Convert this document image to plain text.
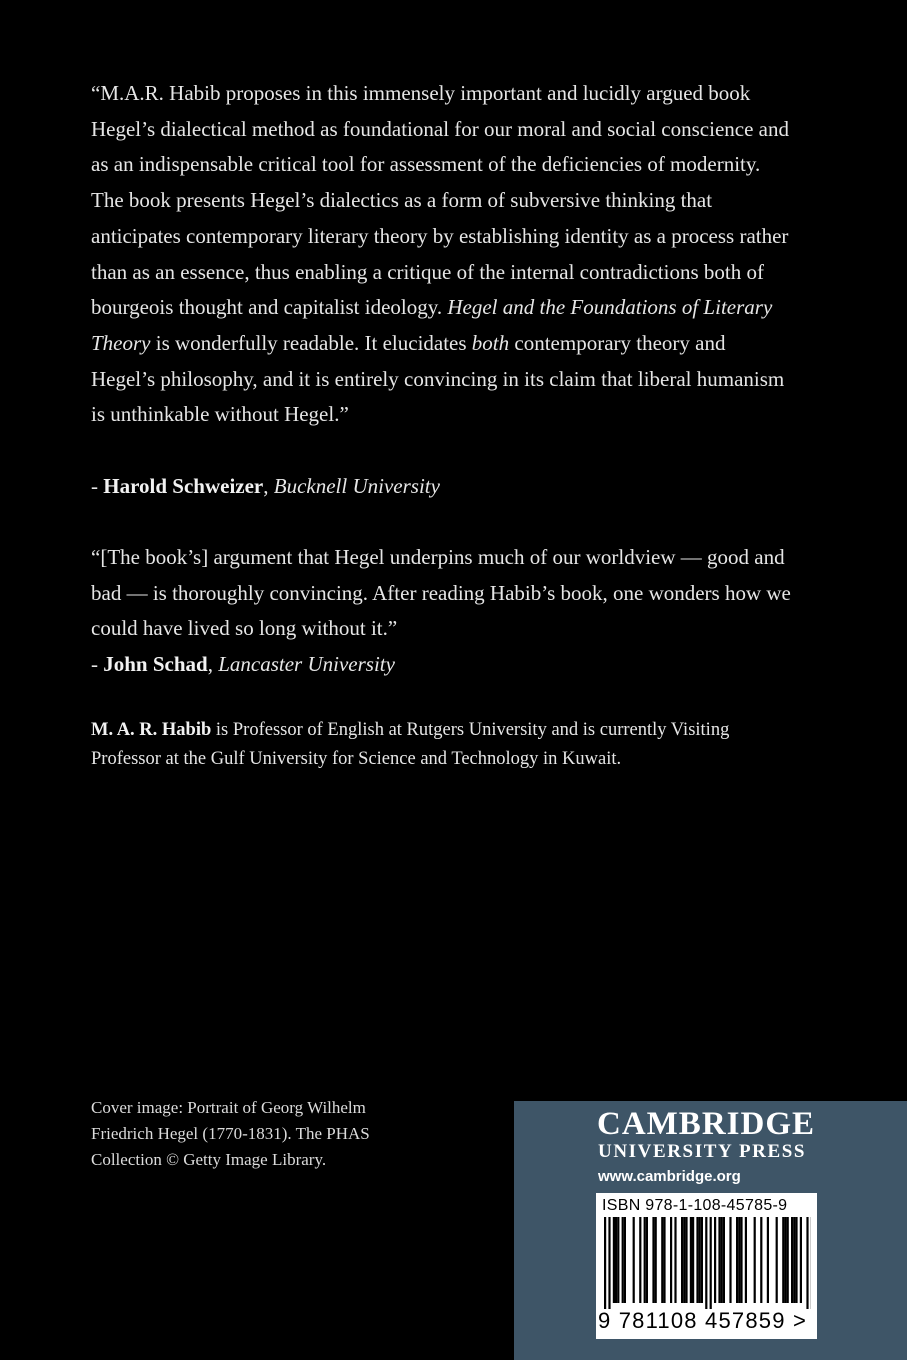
“M.A.R. Habib proposes in this immensely important and lucidly argued book Hegel’s dialectical method as foundational for our moral and social conscience and as an indispensable critical tool for assessment of the deficiencies of modernity. The book presents Hegel’s dialectics as a form of subversive thinking that anticipates contemporary literary theory by establishing identity as a process rather than as an essence, thus enabling a critique of the internal contradictions both of bourgeois thought and capitalist ideology. Hegel and the Foundations of Literary Theory is wonderfully readable. It elucidates both contemporary theory and Hegel’s philosophy, and it is entirely convincing in its claim that liberal humanism is unthinkable without Hegel.”

- Harold Schweizer, Bucknell University

“[The book’s] argument that Hegel underpins much of our worldview — good and bad — is thoroughly convincing. After reading Habib’s book, one wonders how we could have lived so long without it.”

- John Schad, Lancaster University

M. A. R. Habib is Professor of English at Rutgers University and is currently Visiting Professor at the Gulf University for Science and Technology in Kuwait.

Cover image: Portrait of Georg Wilhelm Friedrich Hegel (1770-1831). The PHAS Collection © Getty Image Library.

CAMBRIDGE

UNIVERSITY PRESS

www.cambridge.org

ISBN 978-1-108-45785-9

9 781108 457859 >
